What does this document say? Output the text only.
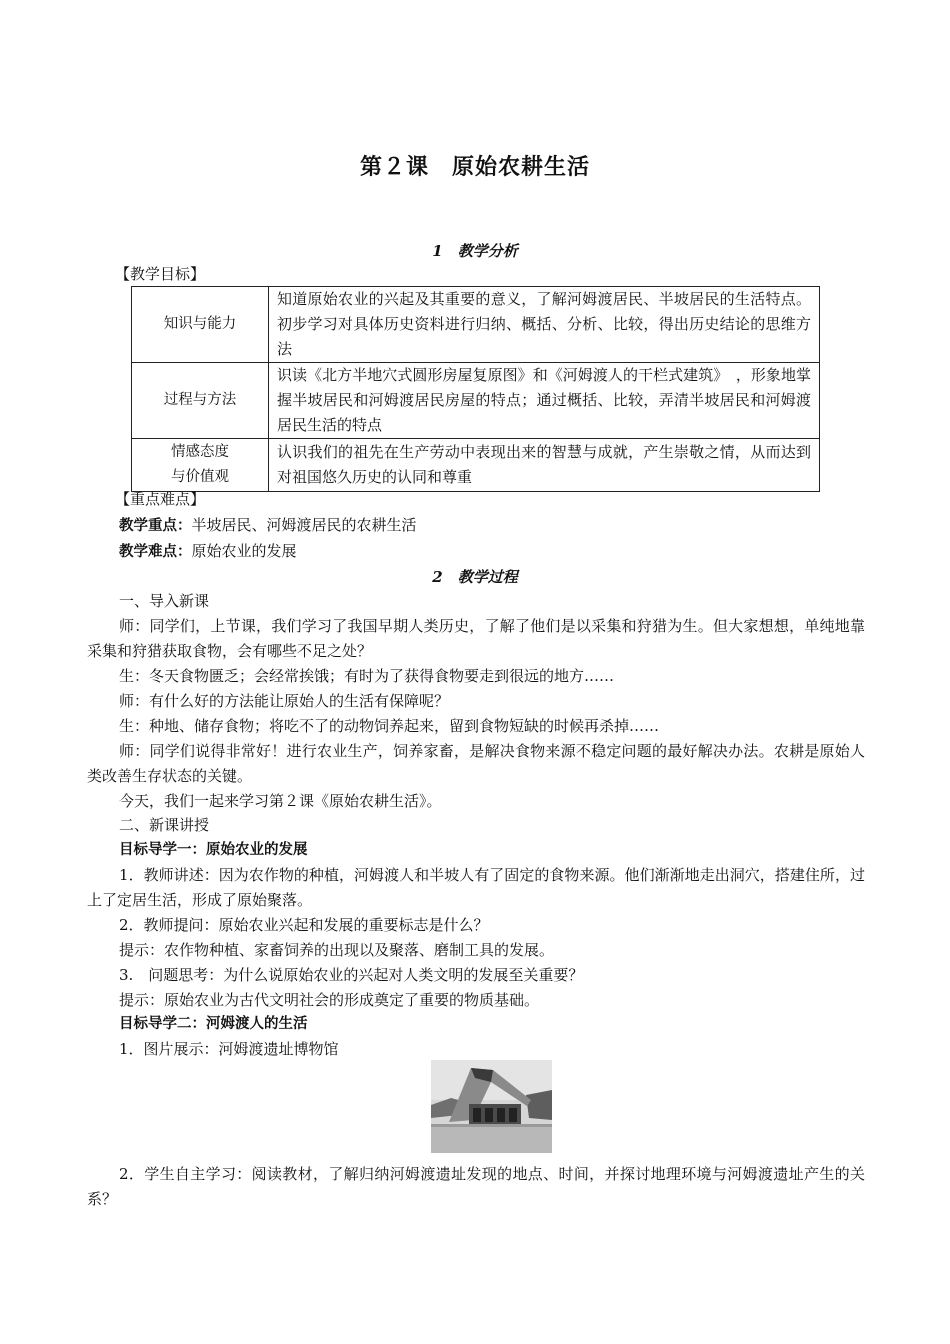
第２课　原始农耕生活
1　教学分析
【教学目标】
知识与能力	知道原始农业的兴起及其重要的意义，了解河姆渡居民、半坡居民的生活特点。初步学习对具体历史资料进行归纳、概括、分析、比较，得出历史结论的思维方法
过程与方法	识读《北方半地穴式圆形房屋复原图》和《河姆渡人的干栏式建筑》　，形象地掌握半坡居民和河姆渡居民房屋的特点；通过概括、比较，弄清半坡居民和河姆渡居民生活的特点

情感态度
与价值观	认识我们的祖先在生产劳动中表现出来的智慧与成就，产生崇敬之情，从而达到对祖国悠久历史的认同和尊重
【重点难点】
教学重点：半坡居民、河姆渡居民的农耕生活
教学难点：原始农业的发展
2　教学过程
一、导入新课
师：同学们，上节课，我们学习了我国早期人类历史，了解了他们是以采集和狩猎为生。但大家想想，单纯地靠采集和狩猎获取食物，会有哪些不足之处？
生：冬天食物匮乏；会经常挨饿；有时为了获得食物要走到很远的地方……
师：有什么好的方法能让原始人的生活有保障呢？
生：种地、储存食物；将吃不了的动物饲养起来，留到食物短缺的时候再杀掉……
师：同学们说得非常好！进行农业生产，饲养家畜，是解决食物来源不稳定问题的最好解决办法。农耕是原始人类改善生存状态的关键。
今天，我们一起来学习第２课《原始农耕生活》。
二、新课讲授
目标导学一：原始农业的发展
1．教师讲述：因为农作物的种植，河姆渡人和半坡人有了固定的食物来源。他们渐渐地走出洞穴，搭建住所，过上了定居生活，形成了原始聚落。
2．教师提问：原始农业兴起和发展的重要标志是什么？
提示：农作物种植、家畜饲养的出现以及聚落、磨制工具的发展。
3.　问题思考：为什么说原始农业的兴起对人类文明的发展至关重要？
提示：原始农业为古代文明社会的形成奠定了重要的物质基础。
目标导学二：河姆渡人的生活
1．图片展示：河姆渡遗址博物馆
2．学生自主学习：阅读教材，了解归纳河姆渡遗址发现的地点、时间，并探讨地理环境与河姆渡遗址产生的关系？
